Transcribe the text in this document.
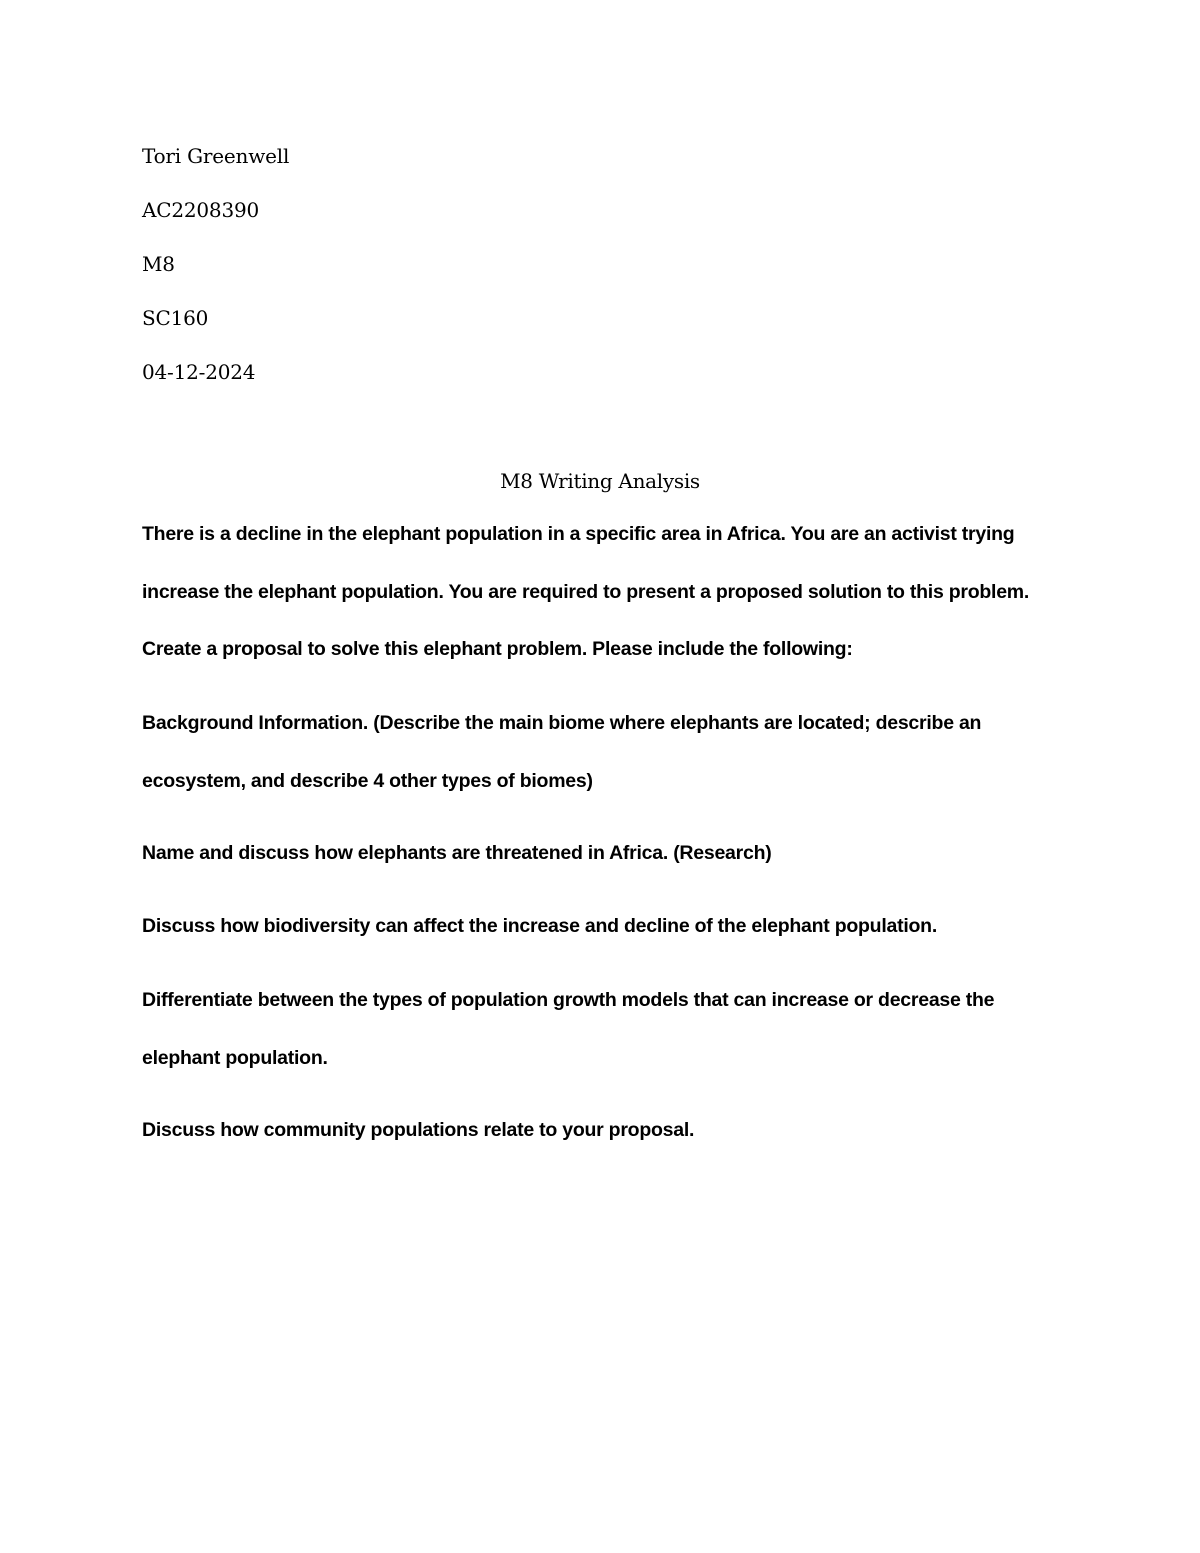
Tori Greenwell
AC2208390
M8
SC160
04-12-2024
M8 Writing Analysis

There is a decline in the elephant population in a specific area in Africa. You are an activist trying increase the elephant population. You are required to present a proposed solution to this problem. Create a proposal to solve this elephant problem. Please include the following:

Background Information. (Describe the main biome where elephants are located; describe an ecosystem, and describe 4 other types of biomes)

Name and discuss how elephants are threatened in Africa. (Research)

Discuss how biodiversity can affect the increase and decline of the elephant population.

Differentiate between the types of population growth models that can increase or decrease the elephant population.

Discuss how community populations relate to your proposal.
